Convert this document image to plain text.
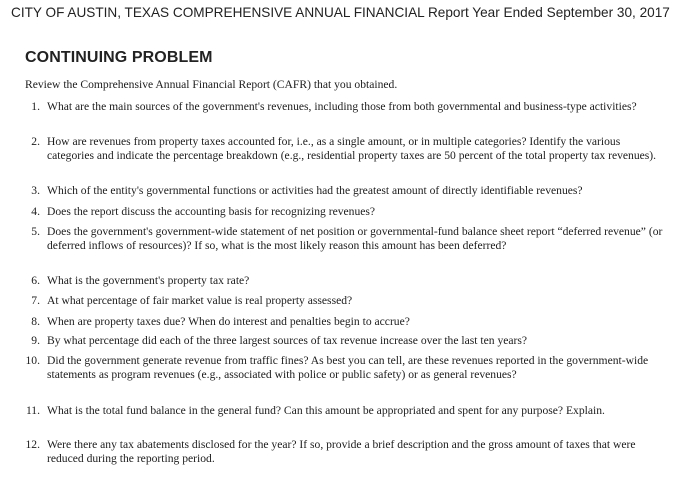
CITY OF AUSTIN, TEXAS COMPREHENSIVE ANNUAL FINANCIAL Report Year Ended September 30, 2017
CONTINUING PROBLEM
Review the Comprehensive Annual Financial Report (CAFR) that you obtained.
1. What are the main sources of the government's revenues, including those from both governmental and business-type activities?
2. How are revenues from property taxes accounted for, i.e., as a single amount, or in multiple categories? Identify the various categories and indicate the percentage breakdown (e.g., residential property taxes are 50 percent of the total property tax revenues).
3. Which of the entity's governmental functions or activities had the greatest amount of directly identifiable revenues?
4. Does the report discuss the accounting basis for recognizing revenues?
5. Does the government's government-wide statement of net position or governmental-fund balance sheet report “deferred revenue” (or deferred inflows of resources)? If so, what is the most likely reason this amount has been deferred?
6. What is the government's property tax rate?
7. At what percentage of fair market value is real property assessed?
8. When are property taxes due? When do interest and penalties begin to accrue?
9. By what percentage did each of the three largest sources of tax revenue increase over the last ten years?
10. Did the government generate revenue from traffic fines? As best you can tell, are these revenues reported in the government-wide statements as program revenues (e.g., associated with police or public safety) or as general revenues?
11. What is the total fund balance in the general fund? Can this amount be appropriated and spent for any purpose? Explain.
12. Were there any tax abatements disclosed for the year? If so, provide a brief description and the gross amount of taxes that were reduced during the reporting period.
